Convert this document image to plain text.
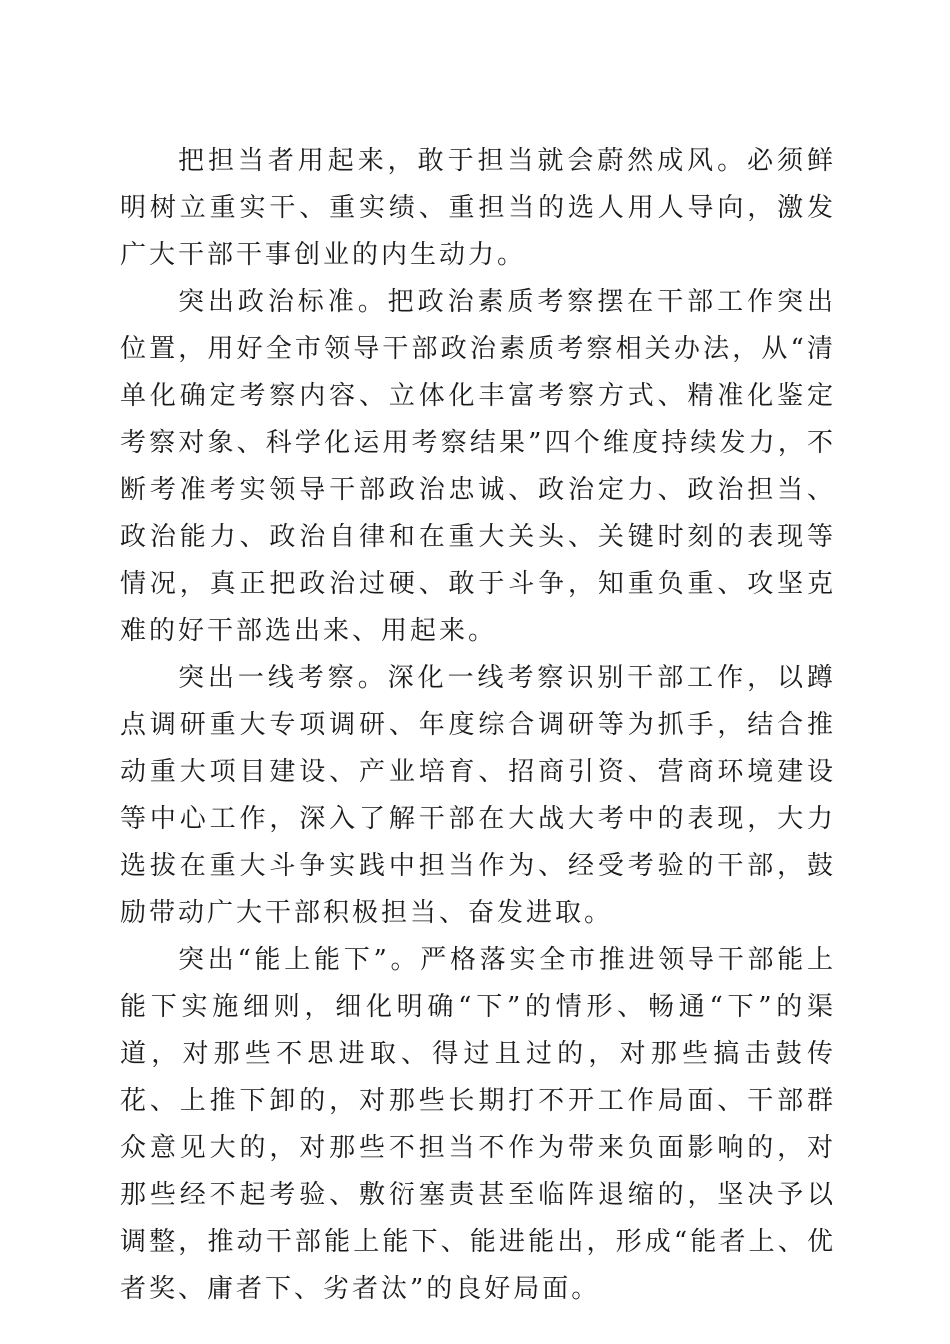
把担当者用起来，敢于担当就会蔚然成风。必须鲜明树立重实干、重实绩、重担当的选人用人导向，激发广大干部干事创业的内生动力。

突出政治标准。把政治素质考察摆在干部工作突出位置，用好全市领导干部政治素质考察相关办法，从“清单化确定考察内容、立体化丰富考察方式、精准化鉴定考察对象、科学化运用考察结果”四个维度持续发力，不断考准考实领导干部政治忠诚、政治定力、政治担当、政治能力、政治自律和在重大关头、关键时刻的表现等情况，真正把政治过硬、敢于斗争，知重负重、攻坚克难的好干部选出来、用起来。

突出一线考察。深化一线考察识别干部工作，以蹲点调研重大专项调研、年度综合调研等为抓手，结合推动重大项目建设、产业培育、招商引资、营商环境建设等中心工作，深入了解干部在大战大考中的表现，大力选拔在重大斗争实践中担当作为、经受考验的干部，鼓励带动广大干部积极担当、奋发进取。

突出“能上能下”。严格落实全市推进领导干部能上能下实施细则，细化明确“下”的情形、畅通“下”的渠道，对那些不思进取、得过且过的，对那些搞击鼓传花、上推下卸的，对那些长期打不开工作局面、干部群众意见大的，对那些不担当不作为带来负面影响的，对那些经不起考验、敷衍塞责甚至临阵退缩的，坚决予以调整，推动干部能上能下、能进能出，形成“能者上、优者奖、庸者下、劣者汰”的良好局面。
